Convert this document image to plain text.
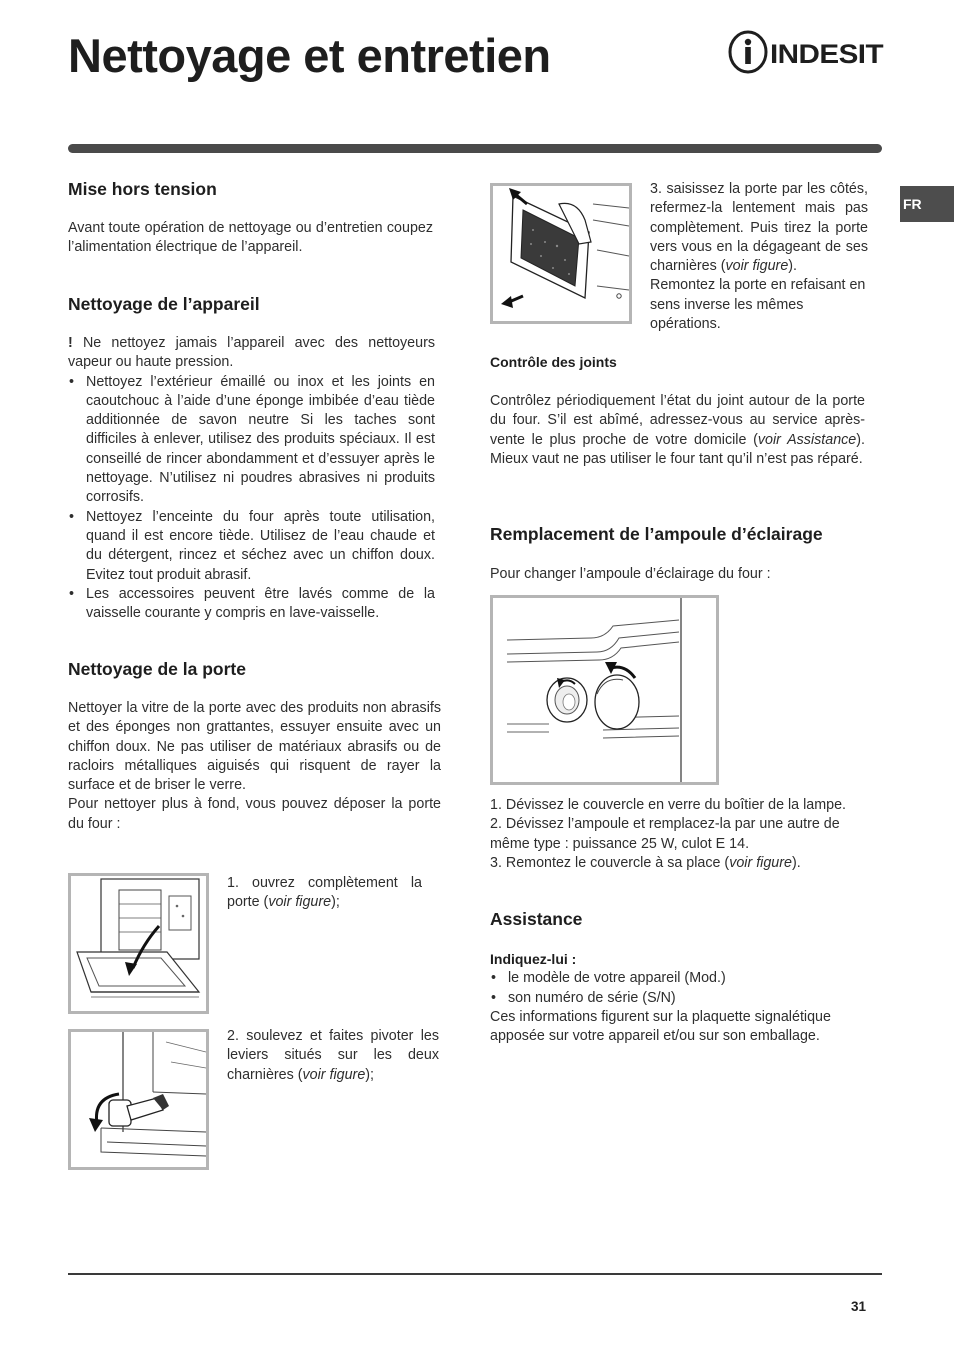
Nettoyage et entretien	INDESIT
FR
Mise hors tension

Avant toute opération de nettoyage ou d’entretien coupez l’alimentation électrique de l’appareil.

Nettoyage de l’appareil

! Ne nettoyez jamais l’appareil avec des nettoyeurs vapeur ou haute pression.

• Nettoyez l’extérieur émaillé ou inox et les joints en caoutchouc à l’aide d’une éponge imbibée d’eau tiède additionnée de savon neutre Si les taches sont difficiles à enlever, utilisez des produits spéciaux. Il est conseillé de rincer abondamment et d’essuyer après le nettoyage. N’utilisez ni poudres abrasives ni produits corrosifs.
• Nettoyez l’enceinte du four après toute utilisation, quand il est encore tiède. Utilisez de l’eau chaude et du détergent, rincez et séchez avec un chiffon doux. Evitez tout produit abrasif.
• Les accessoires peuvent être lavés comme de la vaisselle courante y compris en lave-vaisselle.
Nettoyage de la porte

Nettoyer la vitre de la porte avec des produits non abrasifs et des éponges non grattantes, essuyer ensuite avec un chiffon doux. Ne pas utiliser de matériaux abrasifs ou de racloirs métalliques aiguisés qui risquent de rayer la surface et de briser le verre.

Pour nettoyer plus à fond, vous pouvez déposer la porte du four :

1. ouvrez complètement la porte (voir figure);

2. soulevez et faites pivoter les leviers situés sur les deux charnières (voir figure);

3. saisissez la porte par les côtés, refermez-la lentement mais pas complètement. Puis tirez la porte vers vous en la dégageant de ses charnières (voir figure).

Remontez la porte en refaisant en sens inverse les mêmes opérations.

Contrôle des joints

Contrôlez périodiquement l’état du joint autour de la porte du four. S’il est abîmé, adressez-vous au service après-vente le plus proche de votre domicile (voir Assistance). Mieux vaut ne pas utiliser le four tant qu’il n’est pas réparé.

Remplacement de l’ampoule d’éclairage

Pour changer l’ampoule d’éclairage du four :

1. Dévissez le couvercle en verre du boîtier de la lampe.

2. Dévissez l’ampoule et remplacez-la par une autre de même type : puissance 25 W, culot E 14.

3. Remontez le couvercle à sa place (voir figure).

Assistance

Indiquez-lui :

• le modèle de votre appareil (Mod.)
• son numéro de série (S/N)

Ces informations figurent sur la plaquette signalétique apposée sur votre appareil et/ou sur son emballage.

31
